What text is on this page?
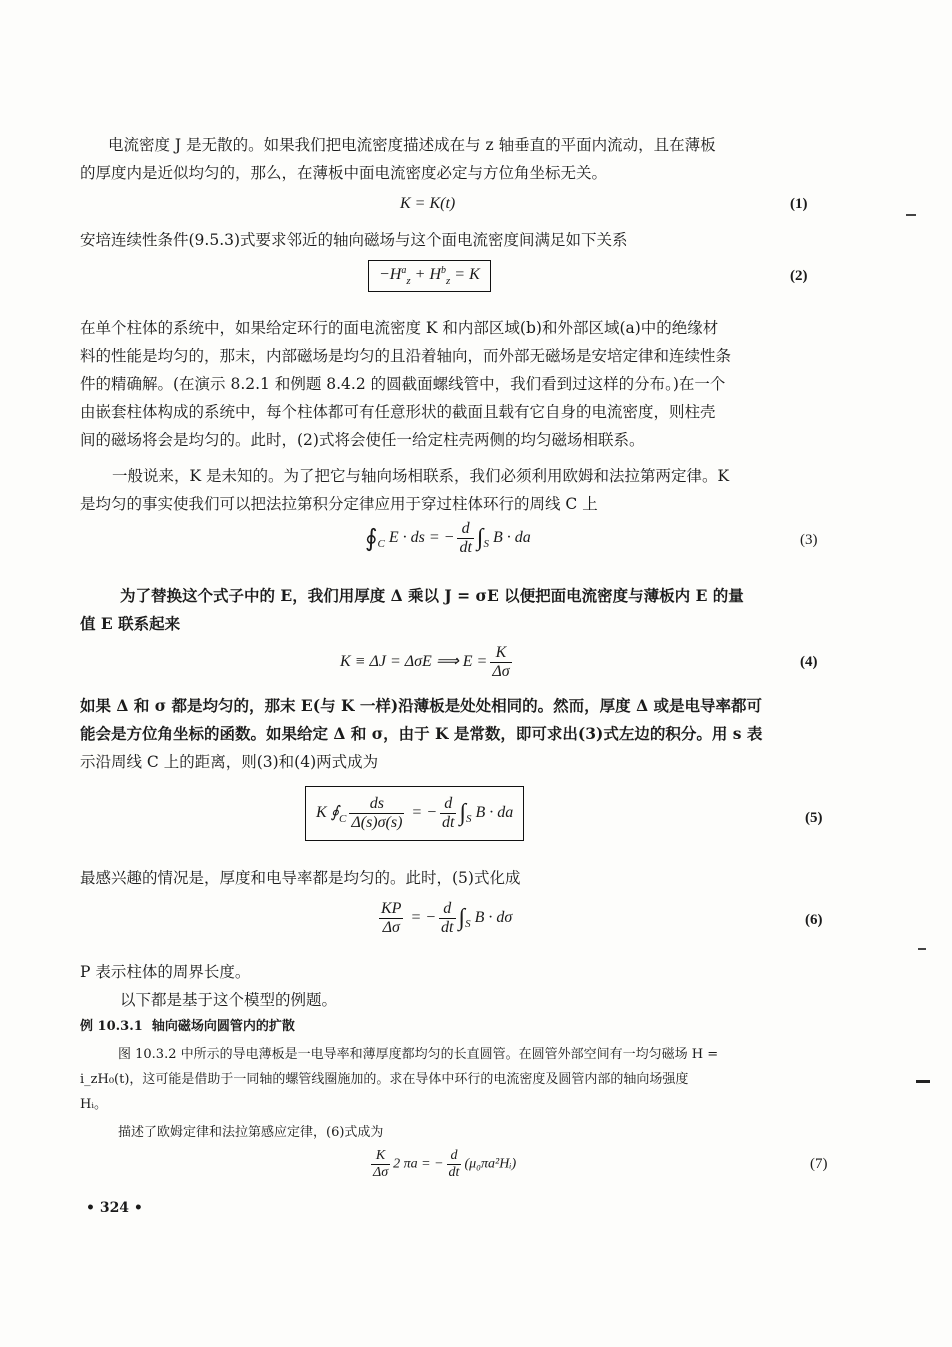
电流密度 J 是无散的。如果我们把电流密度描述成在与 z 轴垂直的平面内流动，且在薄板
的厚度内是近似均匀的，那么，在薄板中面电流密度必定与方位角坐标无关。
K = K(t)	(1)
安培连续性条件(9.5.3)式要求邻近的轴向磁场与这个面电流密度间满足如下关系
$-H^a_z + H^b_z = K$	(2)
在单个柱体的系统中，如果给定环行的面电流密度 K 和内部区域(b)和外部区域(a)中的绝缘材
料的性能是均匀的，那末，内部磁场是均匀的且沿着轴向，而外部无磁场是安培定律和连续性条
件的精确解。(在演示 8.2.1 和例题 8.4.2 的圆截面螺线管中，我们看到过这样的分布。)在一个
由嵌套柱体构成的系统中，每个柱体都可有任意形状的截面且载有它自身的电流密度，则柱壳
间的磁场将会是均匀的。此时，(2)式将会使任一给定柱壳两侧的均匀磁场相联系。
一般说来，K 是未知的。为了把它与轴向场相联系，我们必须利用欧姆和法拉第两定律。K
是均匀的事实使我们可以把法拉第积分定律应用于穿过柱体环行的周线 C 上
$∮_C$ E · ds = − $\frac{d}{dt} \int_S$ B · da	(3)
为了替换这个式子中的 E，我们用厚度 Δ 乘以 J = σE 以便把面电流密度与薄板内 E 的量
值 E 联系起来
K ≡ ΔJ = ΔσE ⟹ $E = \frac{K}{\Delta\sigma}$	(4)
如果 Δ 和 σ 都是均匀的，那末 E(与 K 一样)沿薄板是处处相同的。然而，厚度 Δ 或是电导率都可
能会是方位角坐标的函数。如果给定 Δ 和 σ，由于 K 是常数，即可求出(3)式左边的积分。用 s 表
示沿周线 C 上的距离，则(3)和(4)两式成为
K $∮_C \frac{ds}{\Delta(s)\sigma(s)}$ = − $\frac{d}{dt} \int_S$ B · da	(5)
最感兴趣的情况是，厚度和电导率都是均匀的。此时，(5)式化成
$\frac{KP}{\Delta\sigma}$ = − $\frac{d}{dt} \int_S$ B · dσ	(6)
P 表示柱体的周界长度。
以下都是基于这个模型的例题。
例 10.3.1 轴向磁场向圆管内的扩散
图 10.3.2 中所示的导电薄板是一电导率和薄厚度都均匀的长直圆管。在圆管外部空间有一均匀磁场 H =
i_zH₀(t)，这可能是借助于一同轴的螺管线圈施加的。求在导体中环行的电流密度及圆管内部的轴向场强度
Hᵢ。
描述了欧姆定律和法拉第感应定律，(6)式成为
$\frac{K}{\Delta\sigma} 2$ πa = − $\frac{d}{dt}$ (μ₀πa²Hᵢ)	(7)
• 324 •
